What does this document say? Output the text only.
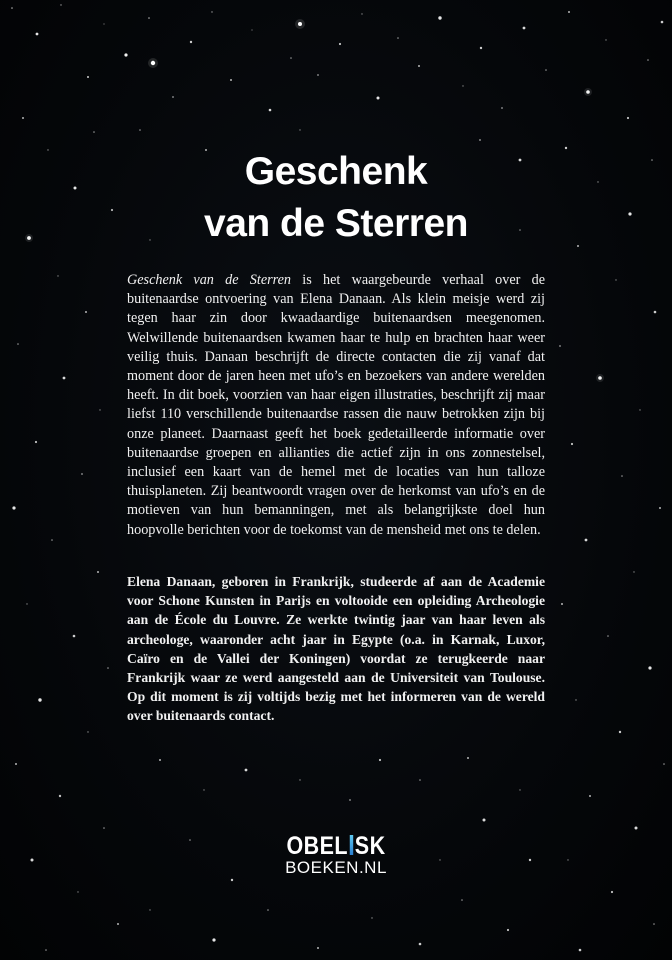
Geschenk
van de Sterren

Geschenk van de Sterren is het waargebeurde verhaal over de buitenaardse ontvoering van Elena Danaan. Als klein meisje werd zij tegen haar zin door kwaadaardige buitenaardsen meegenomen. Welwillende buitenaardsen kwamen haar te hulp en brachten haar weer veilig thuis. Danaan beschrijft de directe contacten die zij vanaf dat moment door de jaren heen met ufo’s en bezoekers van andere werelden heeft. In dit boek, voorzien van haar eigen illustraties, beschrijft zij maar liefst 110 verschillende buitenaardse rassen die nauw betrokken zijn bij onze planeet. Daarnaast geeft het boek gedetailleerde informatie over buitenaardse groepen en allianties die actief zijn in ons zonnestelsel, inclusief een kaart van de hemel met de locaties van hun talloze thuisplaneten. Zij beantwoordt vragen over de herkomst van ufo’s en de motieven van hun bemanningen, met als belangrijkste doel hun hoopvolle berichten voor de toekomst van de mensheid met ons te delen.

Elena Danaan, geboren in Frankrijk, studeerde af aan de Academie voor Schone Kunsten in Parijs en voltooide een opleiding Archeologie aan de École du Louvre. Ze werkte twintig jaar van haar leven als archeologe, waaronder acht jaar in Egypte (o.a. in Karnak, Luxor, Caïro en de Vallei der Koningen) voordat ze terugkeerde naar Frankrijk waar ze werd aangesteld aan de Universiteit van Toulouse. Op dit moment is zij voltijds bezig met het informeren van de wereld over buitenaards contact.

OBEL SK
BOEKEN.NL
